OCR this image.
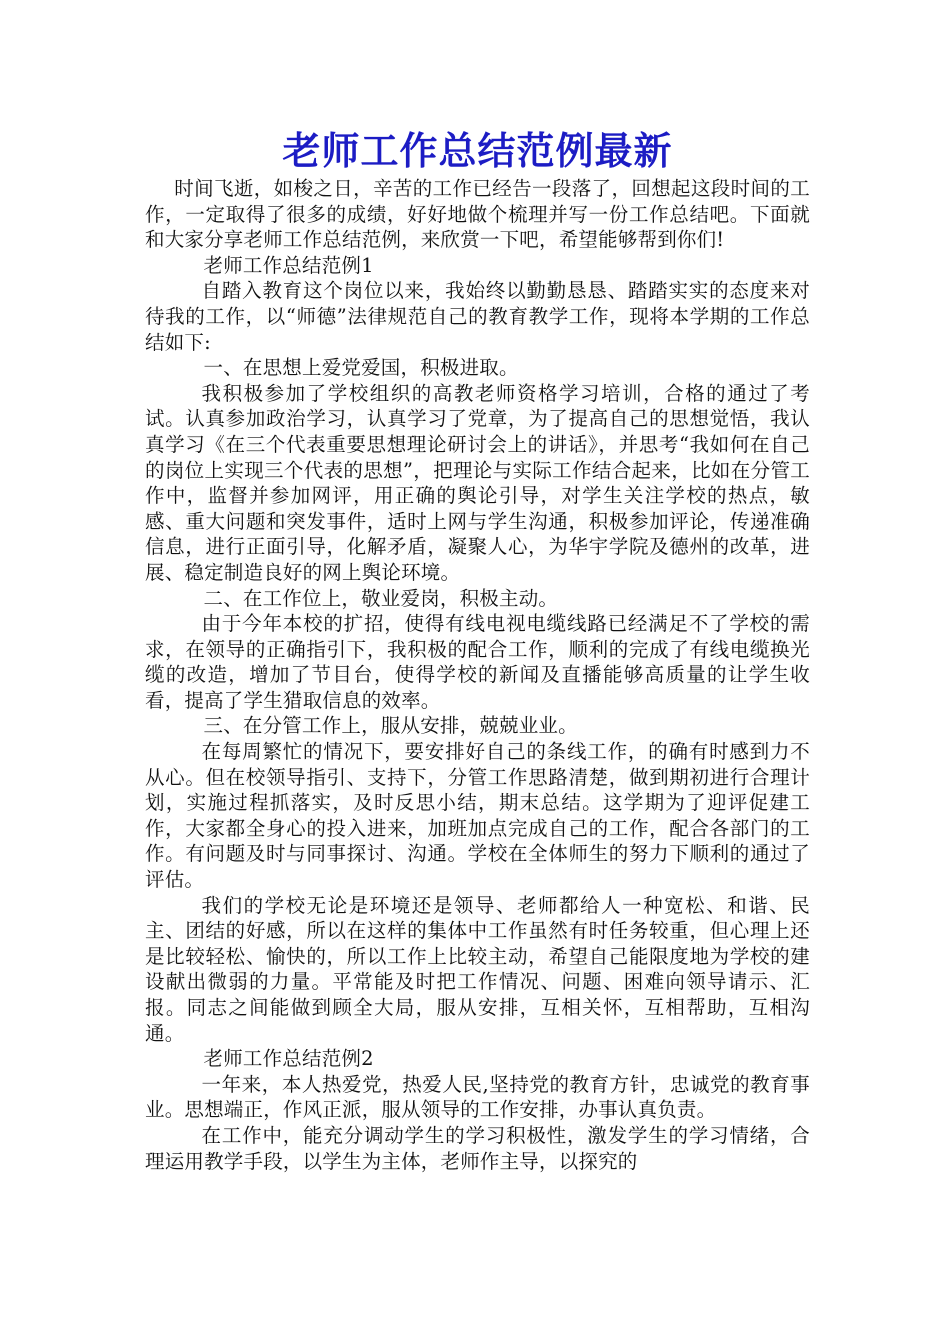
老师工作总结范例最新

时间飞逝，如梭之日，辛苦的工作已经告一段落了，回想起这段时间的工作，一定取得了很多的成绩，好好地做个梳理并写一份工作总结吧。下面就和大家分享老师工作总结范例，来欣赏一下吧，希望能够帮到你们!

老师工作总结范例1

自踏入教育这个岗位以来，我始终以勤勤恳恳、踏踏实实的态度来对待我的工作，以“师德”法律规范自己的教育教学工作，现将本学期的工作总结如下:

一、在思想上爱党爱国，积极进取。

我积极参加了学校组织的高教老师资格学习培训，合格的通过了考试。认真参加政治学习，认真学习了党章，为了提高自己的思想觉悟，我认真学习《在三个代表重要思想理论研讨会上的讲话》，并思考“我如何在自己的岗位上实现三个代表的思想”，把理论与实际工作结合起来，比如在分管工作中，监督并参加网评，用正确的舆论引导，对学生关注学校的热点，敏感、重大问题和突发事件，适时上网与学生沟通，积极参加评论，传递准确信息，进行正面引导，化解矛盾，凝聚人心，为华宇学院及德州的改革，进展、稳定制造良好的网上舆论环境。

二、在工作位上，敬业爱岗，积极主动。

由于今年本校的扩招，使得有线电视电缆线路已经满足不了学校的需求，在领导的正确指引下，我积极的配合工作，顺利的完成了有线电缆换光缆的改造，增加了节目台，使得学校的新闻及直播能够高质量的让学生收看，提高了学生猎取信息的效率。

三、在分管工作上，服从安排，兢兢业业。

在每周繁忙的情况下，要安排好自己的条线工作，的确有时感到力不从心。但在校领导指引、支持下，分管工作思路清楚，做到期初进行合理计划，实施过程抓落实，及时反思小结，期末总结。这学期为了迎评促建工作，大家都全身心的投入进来，加班加点完成自己的工作，配合各部门的工作。有问题及时与同事探讨、沟通。学校在全体师生的努力下顺利的通过了评估。

我们的学校无论是环境还是领导、老师都给人一种宽松、和谐、民主、团结的好感，所以在这样的集体中工作虽然有时任务较重，但心理上还是比较轻松、愉快的，所以工作上比较主动，希望自己能限度地为学校的建设献出微弱的力量。平常能及时把工作情况、问题、困难向领导请示、汇报。同志之间能做到顾全大局，服从安排，互相关怀，互相帮助，互相沟通。

老师工作总结范例2

一年来，本人热爱党，热爱人民,坚持党的教育方针，忠诚党的教育事业。思想端正，作风正派，服从领导的工作安排，办事认真负责。

在工作中，能充分调动学生的学习积极性，激发学生的学习情绪，合理运用教学手段，以学生为主体，老师作主导，以探究的
